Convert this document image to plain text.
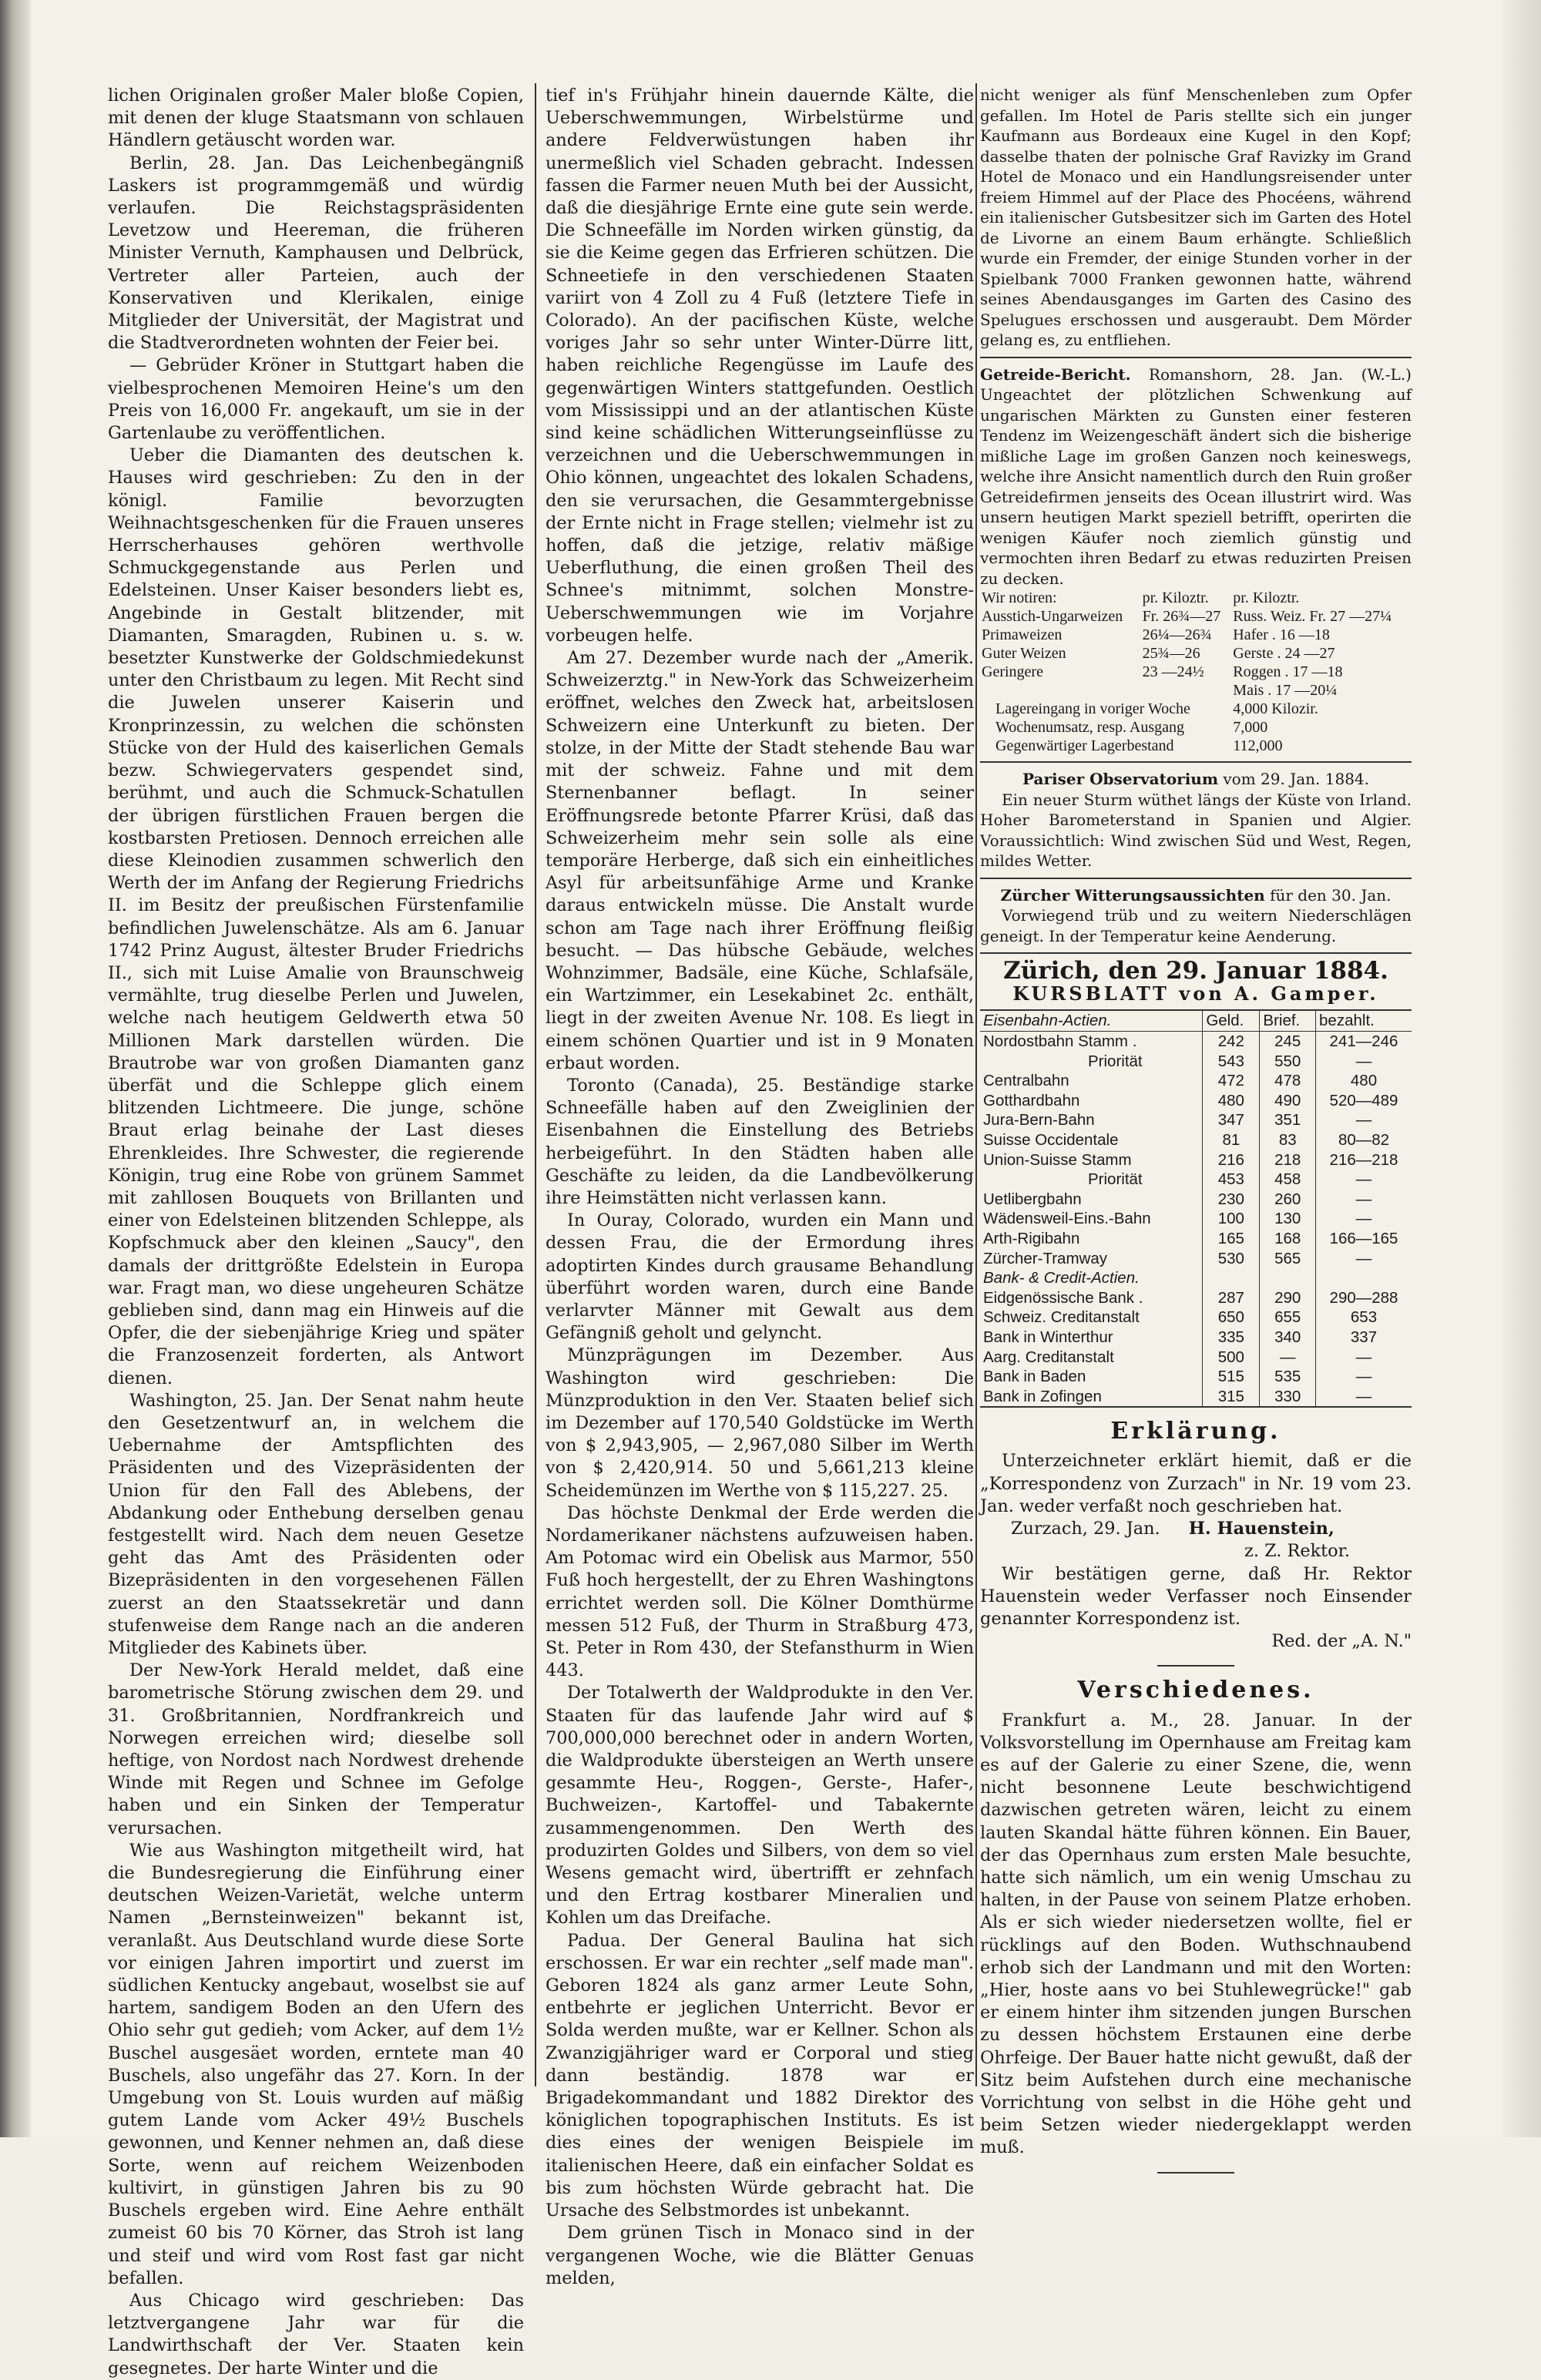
lichen Originalen großer Maler bloße Copien, mit denen der kluge Staatsmann von schlauen Händlern getäuscht worden war.

Berlin, 28. Jan. Das Leichenbegängniß Laskers ist programmgemäß und würdig verlaufen. Die Reichstagspräsidenten Levetzow und Heereman, die früheren Minister Vernuth, Kamphausen und Delbrück, Vertreter aller Parteien, auch der Konservativen und Klerikalen, einige Mitglieder der Universität, der Magistrat und die Stadtverordneten wohnten der Feier bei.

— Gebrüder Kröner in Stuttgart haben die vielbesprochenen Memoiren Heine's um den Preis von 16,000 Fr. angekauft, um sie in der Gartenlaube zu veröffentlichen.

Ueber die Diamanten des deutschen k. Hauses wird geschrieben: Zu den in der königl. Familie bevorzugten Weihnachtsgeschenken für die Frauen unseres Herrscherhauses gehören werthvolle Schmuckgegenstande aus Perlen und Edelsteinen. Unser Kaiser besonders liebt es, Angebinde in Gestalt blitzender, mit Diamanten, Smaragden, Rubinen u. s. w. besetzter Kunstwerke der Goldschmiedekunst unter den Christbaum zu legen. Mit Recht sind die Juwelen unserer Kaiserin und Kronprinzessin, zu welchen die schönsten Stücke von der Huld des kaiserlichen Gemals bezw. Schwiegervaters gespendet sind, berühmt, und auch die Schmuck-Schatullen der übrigen fürstlichen Frauen bergen die kostbarsten Pretiosen. Dennoch erreichen alle diese Kleinodien zusammen schwerlich den Werth der im Anfang der Regierung Friedrichs II. im Besitz der preußischen Fürstenfamilie befindlichen Juwelenschätze. Als am 6. Januar 1742 Prinz August, ältester Bruder Friedrichs II., sich mit Luise Amalie von Braunschweig vermählte, trug dieselbe Perlen und Juwelen, welche nach heutigem Geldwerth etwa 50 Millionen Mark darstellen würden. Die Brautrobe war von großen Diamanten ganz überfät und die Schleppe glich einem blitzenden Lichtmeere. Die junge, schöne Braut erlag beinahe der Last dieses Ehrenkleides. Ihre Schwester, die regierende Königin, trug eine Robe von grünem Sammet mit zahllosen Bouquets von Brillanten und einer von Edelsteinen blitzenden Schleppe, als Kopfschmuck aber den kleinen „Saucy", den damals der drittgrößte Edelstein in Europa war. Fragt man, wo diese ungeheuren Schätze geblieben sind, dann mag ein Hinweis auf die Opfer, die der siebenjährige Krieg und später die Franzosenzeit forderten, als Antwort dienen.

Washington, 25. Jan. Der Senat nahm heute den Gesetzentwurf an, in welchem die Uebernahme der Amtspflichten des Präsidenten und des Vizepräsidenten der Union für den Fall des Ablebens, der Abdankung oder Enthebung derselben genau festgestellt wird. Nach dem neuen Gesetze geht das Amt des Präsidenten oder Bizepräsidenten in den vorgesehenen Fällen zuerst an den Staatssekretär und dann stufenweise dem Range nach an die anderen Mitglieder des Kabinets über.

Der New-York Herald meldet, daß eine barometrische Störung zwischen dem 29. und 31. Großbritannien, Nordfrankreich und Norwegen erreichen wird; dieselbe soll heftige, von Nordost nach Nordwest drehende Winde mit Regen und Schnee im Gefolge haben und ein Sinken der Temperatur verursachen.

Wie aus Washington mitgetheilt wird, hat die Bundesregierung die Einführung einer deutschen Weizen-Varietät, welche unterm Namen „Bernsteinweizen" bekannt ist, veranlaßt. Aus Deutschland wurde diese Sorte vor einigen Jahren importirt und zuerst im südlichen Kentucky angebaut, woselbst sie auf hartem, sandigem Boden an den Ufern des Ohio sehr gut gedieh; vom Acker, auf dem 1½ Buschel ausgesäet worden, erntete man 40 Buschels, also ungefähr das 27. Korn. In der Umgebung von St. Louis wurden auf mäßig gutem Lande vom Acker 49½ Buschels gewonnen, und Kenner nehmen an, daß diese Sorte, wenn auf reichem Weizenboden kultivirt, in günstigen Jahren bis zu 90 Buschels ergeben wird. Eine Aehre enthält zumeist 60 bis 70 Körner, das Stroh ist lang und steif und wird vom Rost fast gar nicht befallen.

Aus Chicago wird geschrieben: Das letztvergangene Jahr war für die Landwirthschaft der Ver. Staaten kein gesegnetes. Der harte Winter und die

tief in's Frühjahr hinein dauernde Kälte, die Ueberschwemmungen, Wirbelstürme und andere Feldverwüstungen haben ihr unermeßlich viel Schaden gebracht. Indessen fassen die Farmer neuen Muth bei der Aussicht, daß die diesjährige Ernte eine gute sein werde. Die Schneefälle im Norden wirken günstig, da sie die Keime gegen das Erfrieren schützen. Die Schneetiefe in den verschiedenen Staaten variirt von 4 Zoll zu 4 Fuß (letztere Tiefe in Colorado). An der pacifischen Küste, welche voriges Jahr so sehr unter Winter-Dürre litt, haben reichliche Regengüsse im Laufe des gegenwärtigen Winters stattgefunden. Oestlich vom Mississippi und an der atlantischen Küste sind keine schädlichen Witterungseinflüsse zu verzeichnen und die Ueberschwemmungen in Ohio können, ungeachtet des lokalen Schadens, den sie verursachen, die Gesammtergebnisse der Ernte nicht in Frage stellen; vielmehr ist zu hoffen, daß die jetzige, relativ mäßige Ueberfluthung, die einen großen Theil des Schnee's mitnimmt, solchen Monstre-Ueberschwemmungen wie im Vorjahre vorbeugen helfe.

Am 27. Dezember wurde nach der „Amerik. Schweizerztg." in New-York das Schweizerheim eröffnet, welches den Zweck hat, arbeitslosen Schweizern eine Unterkunft zu bieten. Der stolze, in der Mitte der Stadt stehende Bau war mit der schweiz. Fahne und mit dem Sternenbanner beflagt. In seiner Eröffnungsrede betonte Pfarrer Krüsi, daß das Schweizerheim mehr sein solle als eine temporäre Herberge, daß sich ein einheitliches Asyl für arbeitsunfähige Arme und Kranke daraus entwickeln müsse. Die Anstalt wurde schon am Tage nach ihrer Eröffnung fleißig besucht. — Das hübsche Gebäude, welches Wohnzimmer, Badsäle, eine Küche, Schlafsäle, ein Wartzimmer, ein Lesekabinet 2c. enthält, liegt in der zweiten Avenue Nr. 108. Es liegt in einem schönen Quartier und ist in 9 Monaten erbaut worden.

Toronto (Canada), 25. Beständige starke Schneefälle haben auf den Zweiglinien der Eisenbahnen die Einstellung des Betriebs herbeigeführt. In den Städten haben alle Geschäfte zu leiden, da die Landbevölkerung ihre Heimstätten nicht verlassen kann.

In Ouray, Colorado, wurden ein Mann und dessen Frau, die der Ermordung ihres adoptirten Kindes durch grausame Behandlung überführt worden waren, durch eine Bande verlarvter Männer mit Gewalt aus dem Gefängniß geholt und gelyncht.

Münzprägungen im Dezember. Aus Washington wird geschrieben: Die Münzproduktion in den Ver. Staaten belief sich im Dezember auf 170,540 Goldstücke im Werth von $ 2,943,905, — 2,967,080 Silber im Werth von $ 2,420,914. 50 und 5,661,213 kleine Scheidemünzen im Werthe von $ 115,227. 25.

Das höchste Denkmal der Erde werden die Nordamerikaner nächstens aufzuweisen haben. Am Potomac wird ein Obelisk aus Marmor, 550 Fuß hoch hergestellt, der zu Ehren Washingtons errichtet werden soll. Die Kölner Domthürme messen 512 Fuß, der Thurm in Straßburg 473, St. Peter in Rom 430, der Stefansthurm in Wien 443.

Der Totalwerth der Waldprodukte in den Ver. Staaten für das laufende Jahr wird auf $ 700,000,000 berechnet oder in andern Worten, die Waldprodukte übersteigen an Werth unsere gesammte Heu-, Roggen-, Gerste-, Hafer-, Buchweizen-, Kartoffel- und Tabakernte zusammengenommen. Den Werth des produzirten Goldes und Silbers, von dem so viel Wesens gemacht wird, übertrifft er zehnfach und den Ertrag kostbarer Mineralien und Kohlen um das Dreifache.

Padua. Der General Baulina hat sich erschossen. Er war ein rechter „self made man". Geboren 1824 als ganz armer Leute Sohn, entbehrte er jeglichen Unterricht. Bevor er Solda werden mußte, war er Kellner. Schon als Zwanzigjähriger ward er Corporal und stieg dann beständig. 1878 war er Brigadekommandant und 1882 Direktor des königlichen topographischen Instituts. Es ist dies eines der wenigen Beispiele im italienischen Heere, daß ein einfacher Soldat es bis zum höchsten Würde gebracht hat. Die Ursache des Selbstmordes ist unbekannt.

Dem grünen Tisch in Monaco sind in der vergangenen Woche, wie die Blätter Genuas melden,

nicht weniger als fünf Menschenleben zum Opfer gefallen. Im Hotel de Paris stellte sich ein junger Kaufmann aus Bordeaux eine Kugel in den Kopf; dasselbe thaten der polnische Graf Ravizky im Grand Hotel de Monaco und ein Handlungsreisender unter freiem Himmel auf der Place des Phocéens, während ein italienischer Gutsbesitzer sich im Garten des Hotel de Livorne an einem Baum erhängte. Schließlich wurde ein Fremder, der einige Stunden vorher in der Spielbank 7000 Franken gewonnen hatte, während seines Abendausganges im Garten des Casino des Spelugues erschossen und ausgeraubt. Dem Mörder gelang es, zu entfliehen.

Getreide-Bericht. Romanshorn, 28. Jan. (W.-L.) Ungeachtet der plötzlichen Schwenkung auf ungarischen Märkten zu Gunsten einer festeren Tendenz im Weizengeschäft ändert sich die bisherige mißliche Lage im großen Ganzen noch keineswegs, welche ihre Ansicht namentlich durch den Ruin großer Getreidefirmen jenseits des Ocean illustrirt wird. Was unsern heutigen Markt speziell betrifft, operirten die wenigen Käufer noch ziemlich günstig und vermochten ihren Bedarf zu etwas reduzirten Preisen zu decken.

Wir notiren:	pr. Kiloztr.	pr. Kiloztr.
Ausstich-Ungarweizen	Fr. 26¾—27	Russ. Weiz. Fr. 27 —27¼
Primaweizen	26¼—26¾	Hafer . 16 —18
Guter Weizen	25¾—26	Gerste . 24 —27
Geringere	23 —24½	Roggen . 17 —18
		Mais . 17 —20¼
Lagereingang in voriger Woche		4,000 Kilozir.
Wochenumsatz, resp. Ausgang		7,000
Gegenwärtiger Lagerbestand		112,000

Pariser Observatorium vom 29. Jan. 1884.

Ein neuer Sturm wüthet längs der Küste von Irland. Hoher Barometerstand in Spanien und Algier. Voraussichtlich: Wind zwischen Süd und West, Regen, mildes Wetter.

Zürcher Witterungsaussichten für den 30. Jan.

Vorwiegend trüb und zu weitern Niederschlägen geneigt. In der Temperatur keine Aenderung.

Zürich, den 29. Januar 1884.

KURSBLATT von A. Gamper.

Eisenbahn-Actien.	Geld.	Brief.	bezahlt.
Nordostbahn Stamm .	242	245	241—246
Priorität	543	550	—
Centralbahn	472	478	480
Gotthardbahn	480	490	520—489
Jura-Bern-Bahn	347	351	—
Suisse Occidentale	81	83	80—82
Union-Suisse Stamm	216	218	216—218
Priorität	453	458	—
Uetlibergbahn	230	260	—
Wädensweil-Eins.-Bahn	100	130	—
Arth-Rigibahn	165	168	166—165
Zürcher-Tramway	530	565	—
Bank- & Credit-Actien.			
Eidgenössische Bank .	287	290	290—288
Schweiz. Creditanstalt	650	655	653
Bank in Winterthur	335	340	337
Aarg. Creditanstalt	500	—	—
Bank in Baden	515	535	—
Bank in Zofingen	315	330	—

Erklärung.

Unterzeichneter erklärt hiemit, daß er die „Korrespondenz von Zurzach" in Nr. 19 vom 23. Jan. weder verfaßt noch geschrieben hat.

Zurzach, 29. Jan. H. Hauenstein,

z. Z. Rektor.

Wir bestätigen gerne, daß Hr. Rektor Hauenstein weder Verfasser noch Einsender genannter Korrespondenz ist.

Red. der „A. N."

Verschiedenes.

Frankfurt a. M., 28. Januar. In der Volksvorstellung im Opernhause am Freitag kam es auf der Galerie zu einer Szene, die, wenn nicht besonnene Leute beschwichtigend dazwischen getreten wären, leicht zu einem lauten Skandal hätte führen können. Ein Bauer, der das Opernhaus zum ersten Male besuchte, hatte sich nämlich, um ein wenig Umschau zu halten, in der Pause von seinem Platze erhoben. Als er sich wieder niedersetzen wollte, fiel er rücklings auf den Boden. Wuthschnaubend erhob sich der Landmann und mit den Worten: „Hier, hoste aans vo bei Stuhlewegrücke!" gab er einem hinter ihm sitzenden jungen Burschen zu dessen höchstem Erstaunen eine derbe Ohrfeige. Der Bauer hatte nicht gewußt, daß der Sitz beim Aufstehen durch eine mechanische Vorrichtung von selbst in die Höhe geht und beim Setzen wieder niedergeklappt werden muß.
